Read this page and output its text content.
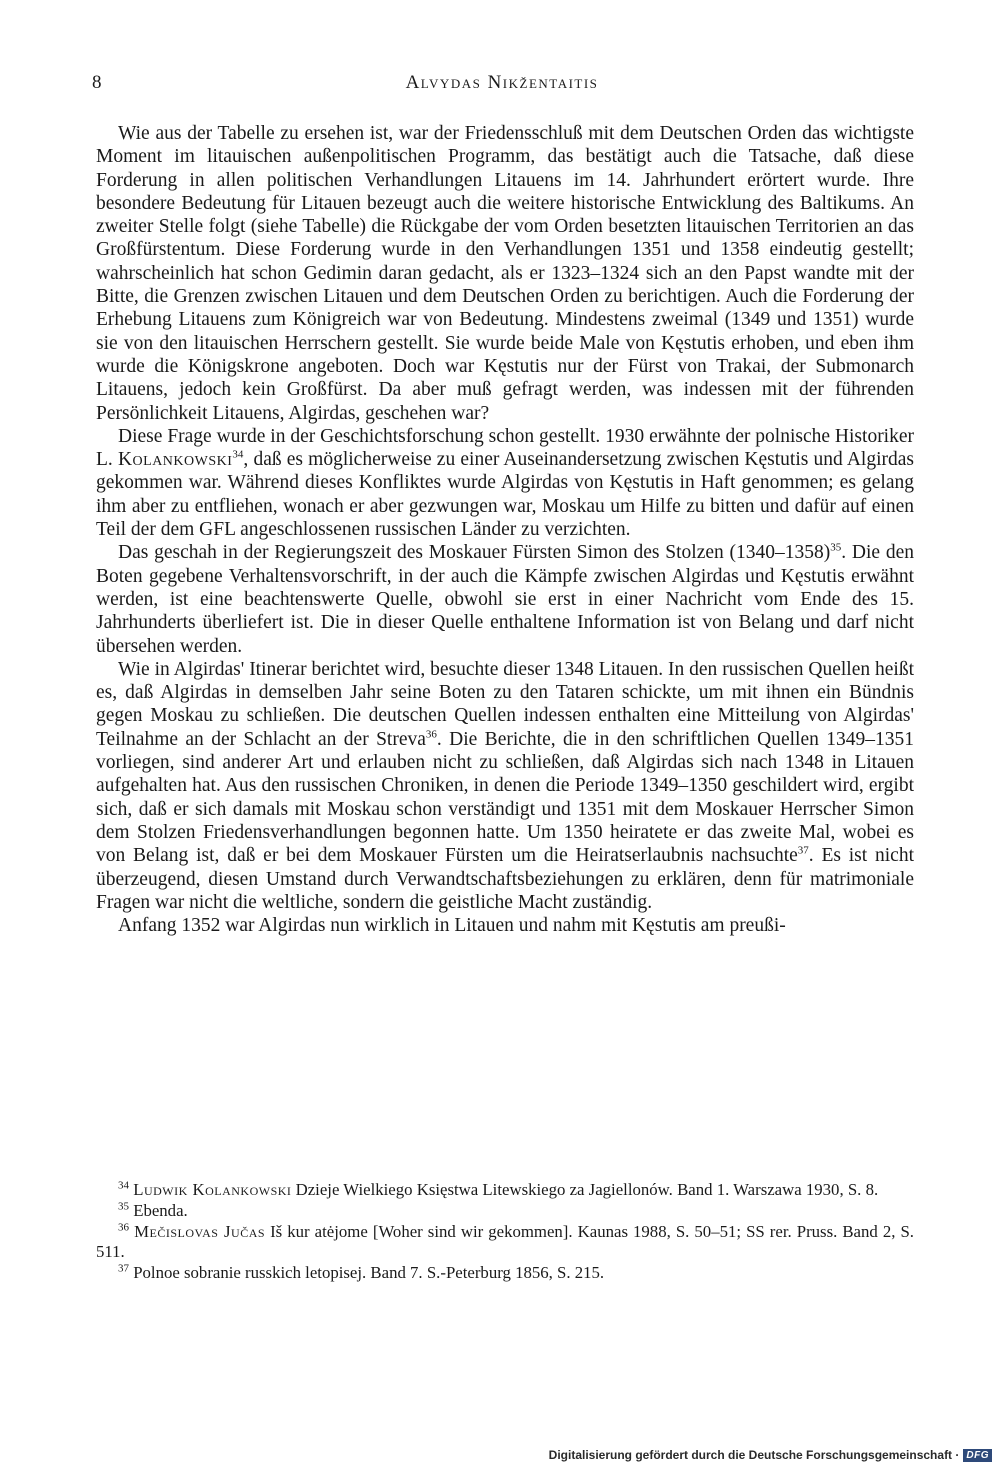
8	Alvydas Nikžentaitis

Wie aus der Tabelle zu ersehen ist, war der Friedensschluß mit dem Deutschen Orden das wichtigste Moment im litauischen außenpolitischen Programm, das bestätigt auch die Tatsache, daß diese Forderung in allen politischen Verhandlungen Litauens im 14. Jahrhundert erörtert wurde. Ihre besondere Bedeutung für Litauen bezeugt auch die weitere historische Entwicklung des Baltikums. An zweiter Stelle folgt (siehe Tabelle) die Rückgabe der vom Orden besetzten litauischen Territorien an das Großfürstentum. Diese Forderung wurde in den Verhandlungen 1351 und 1358 eindeutig gestellt; wahrscheinlich hat schon Gedimin daran gedacht, als er 1323–1324 sich an den Papst wandte mit der Bitte, die Grenzen zwischen Litauen und dem Deutschen Orden zu berichtigen. Auch die Forderung der Erhebung Litauens zum Königreich war von Bedeutung. Mindestens zweimal (1349 und 1351) wurde sie von den litauischen Herrschern gestellt. Sie wurde beide Male von Kęstutis erhoben, und eben ihm wurde die Königskrone angeboten. Doch war Kęstutis nur der Fürst von Trakai, der Submonarch Litauens, jedoch kein Großfürst. Da aber muß gefragt werden, was indessen mit der führenden Persönlichkeit Litauens, Algirdas, geschehen war?

Diese Frage wurde in der Geschichtsforschung schon gestellt. 1930 erwähnte der polnische Historiker L. Kolankowski$^{34}$, daß es möglicherweise zu einer Auseinandersetzung zwischen Kęstutis und Algirdas gekommen war. Während dieses Konfliktes wurde Algirdas von Kęstutis in Haft genommen; es gelang ihm aber zu entfliehen, wonach er aber gezwungen war, Moskau um Hilfe zu bitten und dafür auf einen Teil der dem GFL angeschlossenen russischen Länder zu verzichten.

Das geschah in der Regierungszeit des Moskauer Fürsten Simon des Stolzen (1340–1358)$^{35}$. Die den Boten gegebene Verhaltensvorschrift, in der auch die Kämpfe zwischen Algirdas und Kęstutis erwähnt werden, ist eine beachtenswerte Quelle, obwohl sie erst in einer Nachricht vom Ende des 15. Jahrhunderts überliefert ist. Die in dieser Quelle enthaltene Information ist von Belang und darf nicht übersehen werden.

Wie in Algirdas' Itinerar berichtet wird, besuchte dieser 1348 Litauen. In den russischen Quellen heißt es, daß Algirdas in demselben Jahr seine Boten zu den Tataren schickte, um mit ihnen ein Bündnis gegen Moskau zu schließen. Die deutschen Quellen indessen enthalten eine Mitteilung von Algirdas' Teilnahme an der Schlacht an der Streva$^{36}$. Die Berichte, die in den schriftlichen Quellen 1349–1351 vorliegen, sind anderer Art und erlauben nicht zu schließen, daß Algirdas sich nach 1348 in Litauen aufgehalten hat. Aus den russischen Chroniken, in denen die Periode 1349–1350 geschildert wird, ergibt sich, daß er sich damals mit Moskau schon verständigt und 1351 mit dem Moskauer Herrscher Simon dem Stolzen Friedensverhandlungen begonnen hatte. Um 1350 heiratete er das zweite Mal, wobei es von Belang ist, daß er bei dem Moskauer Fürsten um die Heiratserlaubnis nachsuchte$^{37}$. Es ist nicht überzeugend, diesen Umstand durch Verwandtschaftsbeziehungen zu erklären, denn für matrimoniale Fragen war nicht die weltliche, sondern die geistliche Macht zuständig.

Anfang 1352 war Algirdas nun wirklich in Litauen und nahm mit Kęstutis am preußi-

$^{34}$ Ludwik Kolankowski Dzieje Wielkiego Księstwa Litewskiego za Jagiellonów. Band 1. Warszawa 1930, S. 8.

$^{35}$ Ebenda.

$^{36}$ Mečislovas Jučas Iš kur atėjome [Woher sind wir gekommen]. Kaunas 1988, S. 50–51; SS rer. Pruss. Band 2, S. 511.

$^{37}$ Polnoe sobranie russkich letopisej. Band 7. S.-Peterburg 1856, S. 215.

Digitalisierung gefördert durch die Deutsche Forschungsgemeinschaft · DFG
